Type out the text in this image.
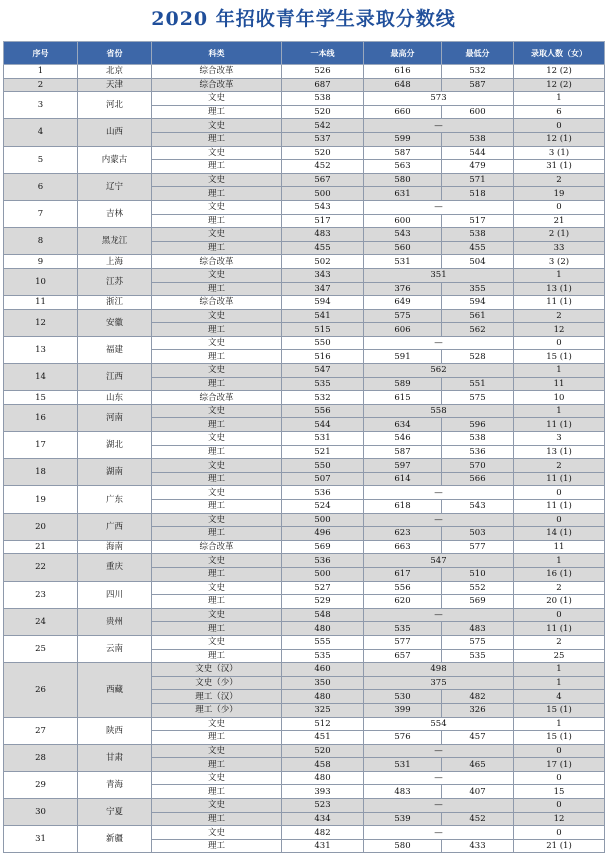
2020 年招收青年学生录取分数线
序号	省份	科类	一本线	最高分	最低分	录取人数（女）
1	北京	综合改革	526	616	532	12 (2)
2	天津	综合改革	687	648	587	12 (2)
3	河北	文史	538	573		1
		理工	520	660	600	6
4	山西	文史	542	—		0
		理工	537	599	538	12 (1)
5	内蒙古	文史	520	587	544	3 (1)
		理工	452	563	479	31 (1)
6	辽宁	文史	567	580	571	2
		理工	500	631	518	19
7	吉林	文史	543	—		0
		理工	517	600	517	21
8	黑龙江	文史	483	543	538	2 (1)
		理工	455	560	455	33
9	上海	综合改革	502	531	504	3 (2)
10	江苏	文史	343	351		1
		理工	347	376	355	13 (1)
11	浙江	综合改革	594	649	594	11 (1)
12	安徽	文史	541	575	561	2
		理工	515	606	562	12
13	福建	文史	550	—		0
		理工	516	591	528	15 (1)
14	江西	文史	547	562		1
		理工	535	589	551	11
15	山东	综合改革	532	615	575	10
16	河南	文史	556	558		1
		理工	544	634	596	11 (1)
17	湖北	文史	531	546	538	3
		理工	521	587	536	13 (1)
18	湖南	文史	550	597	570	2
		理工	507	614	566	11 (1)
19	广东	文史	536	—		0
		理工	524	618	543	11 (1)
20	广西	文史	500	—		0
		理工	496	623	503	14 (1)
21	海南	综合改革	569	663	577	11
22	重庆	文史	536	547		1
		理工	500	617	510	16 (1)
23	四川	文史	527	556	552	2
		理工	529	620	569	20 (1)
24	贵州	文史	548	—		0
		理工	480	535	483	11 (1)
25	云南	文史	555	577	575	2
		理工	535	657	535	25
26	西藏	文史（汉）	460	498		1
		文史（少）	350	375		1
		理工（汉）	480	530	482	4
		理工（少）	325	399	326	15 (1)
27	陕西	文史	512	554		1
		理工	451	576	457	15 (1)
28	甘肃	文史	520	—		0
		理工	458	531	465	17 (1)
29	青海	文史	480	—		0
		理工	393	483	407	15
30	宁夏	文史	523	—		0
		理工	434	539	452	12
31	新疆	文史	482	—		0
		理工	431	580	433	21 (1)
